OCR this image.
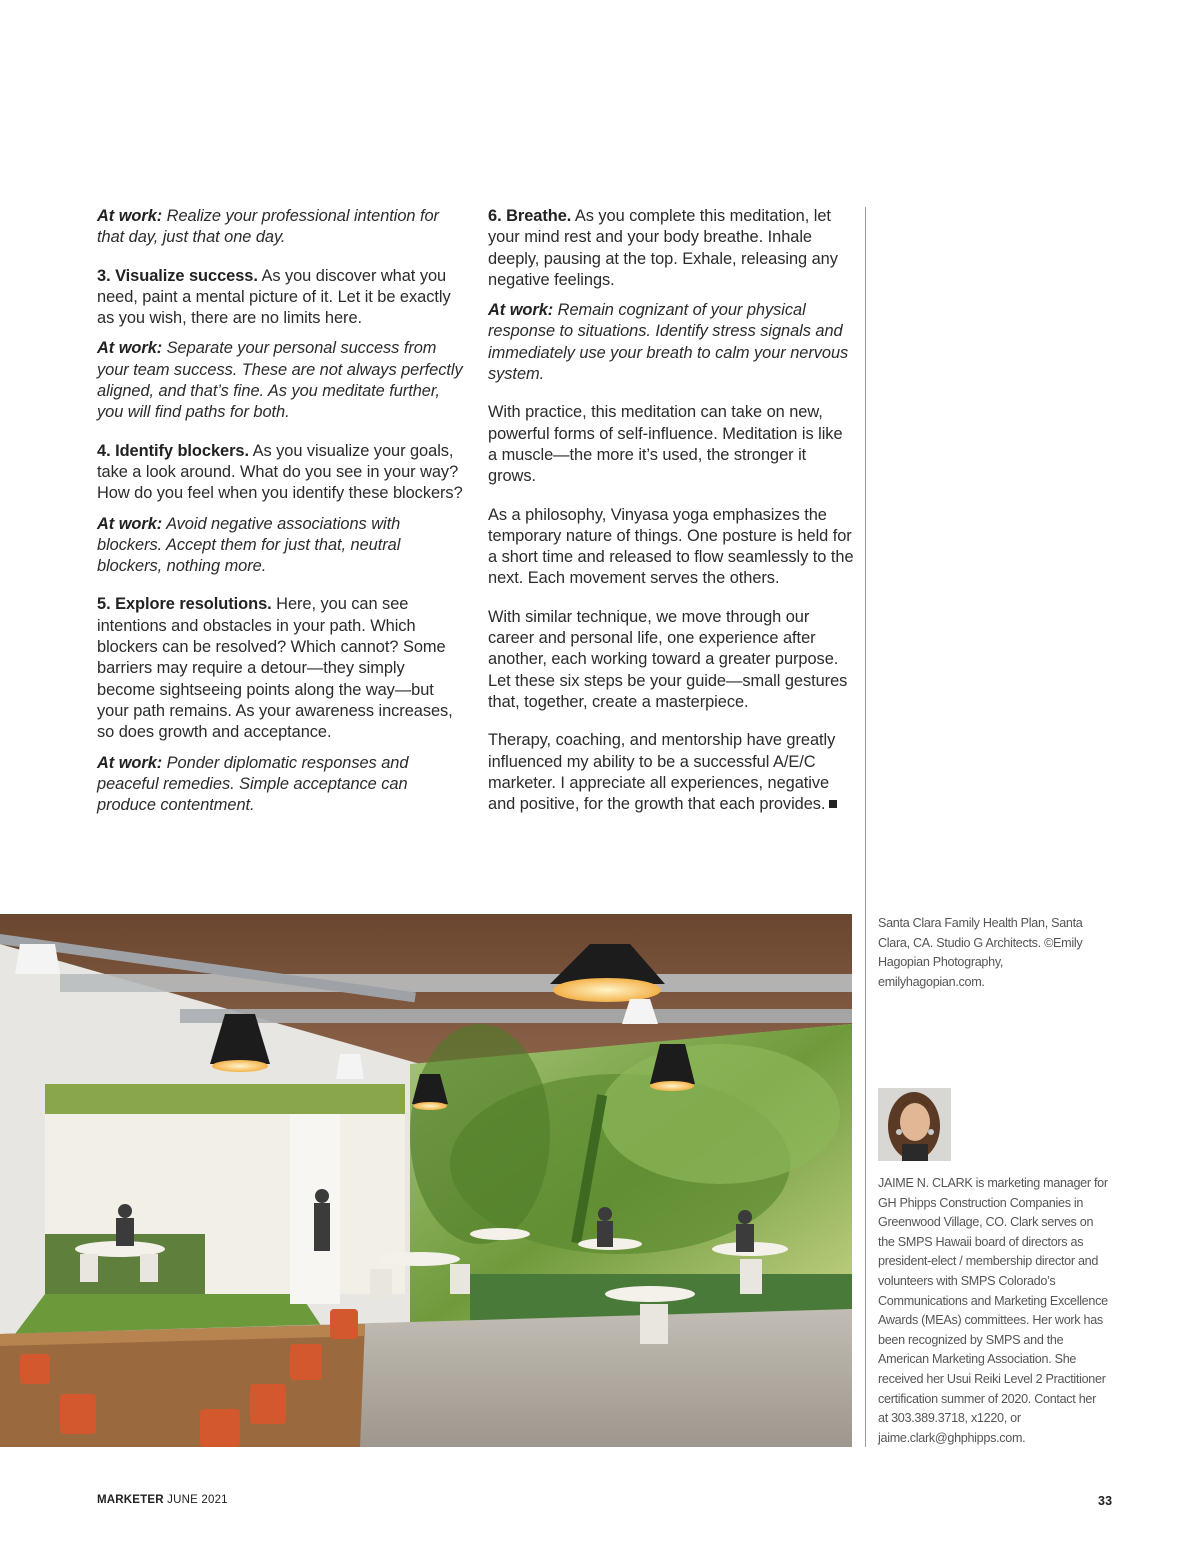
At work: Realize your professional intention for that day, just that one day.

3. Visualize success. As you discover what you need, paint a mental picture of it. Let it be exactly as you wish, there are no limits here.

At work: Separate your personal success from your team success. These are not always perfectly aligned, and that’s fine. As you meditate further, you will find paths for both.

4. Identify blockers. As you visualize your goals, take a look around. What do you see in your way? How do you feel when you identify these blockers?

At work: Avoid negative associations with blockers. Accept them for just that, neutral blockers, nothing more.

5. Explore resolutions. Here, you can see intentions and obstacles in your path. Which blockers can be resolved? Which cannot? Some barriers may require a detour—they simply become sightseeing points along the way—but your path remains. As your awareness increases, so does growth and acceptance.

At work: Ponder diplomatic responses and peaceful remedies. Simple acceptance can produce contentment.

6. Breathe. As you complete this meditation, let your mind rest and your body breathe. Inhale deeply, pausing at the top. Exhale, releasing any negative feelings.

At work: Remain cognizant of your physical response to situations. Identify stress signals and immediately use your breath to calm your nervous system.

With practice, this meditation can take on new, powerful forms of self-influence. Meditation is like a muscle—the more it’s used, the stronger it grows.

As a philosophy, Vinyasa yoga emphasizes the temporary nature of things. One posture is held for a short time and released to flow seamlessly to the next. Each movement serves the others.

With similar technique, we move through our career and personal life, one experience after another, each working toward a greater purpose. Let these six steps be your guide—small gestures that, together, create a masterpiece.

Therapy, coaching, and mentorship have greatly influenced my ability to be a successful A/E/C marketer. I appreciate all experiences, negative and positive, for the growth that each provides.

Santa Clara Family Health Plan, Santa Clara, CA. Studio G Architects. ©Emily Hagopian Photography, emilyhagopian.com.
JAIME N. CLARK is marketing manager for GH Phipps Construction Companies in Greenwood Village, CO. Clark serves on the SMPS Hawaii board of directors as president-elect / membership director and volunteers with SMPS Colorado’s Communications and Marketing Excellence Awards (MEAs) committees. Her work has been recognized by SMPS and the American Marketing Association. She received her Usui Reiki Level 2 Practitioner certification summer of 2020. Contact her at 303.389.3718, x1220, or jaime.clark@ghphipps.com.
MARKETER JUNE 2021	33
